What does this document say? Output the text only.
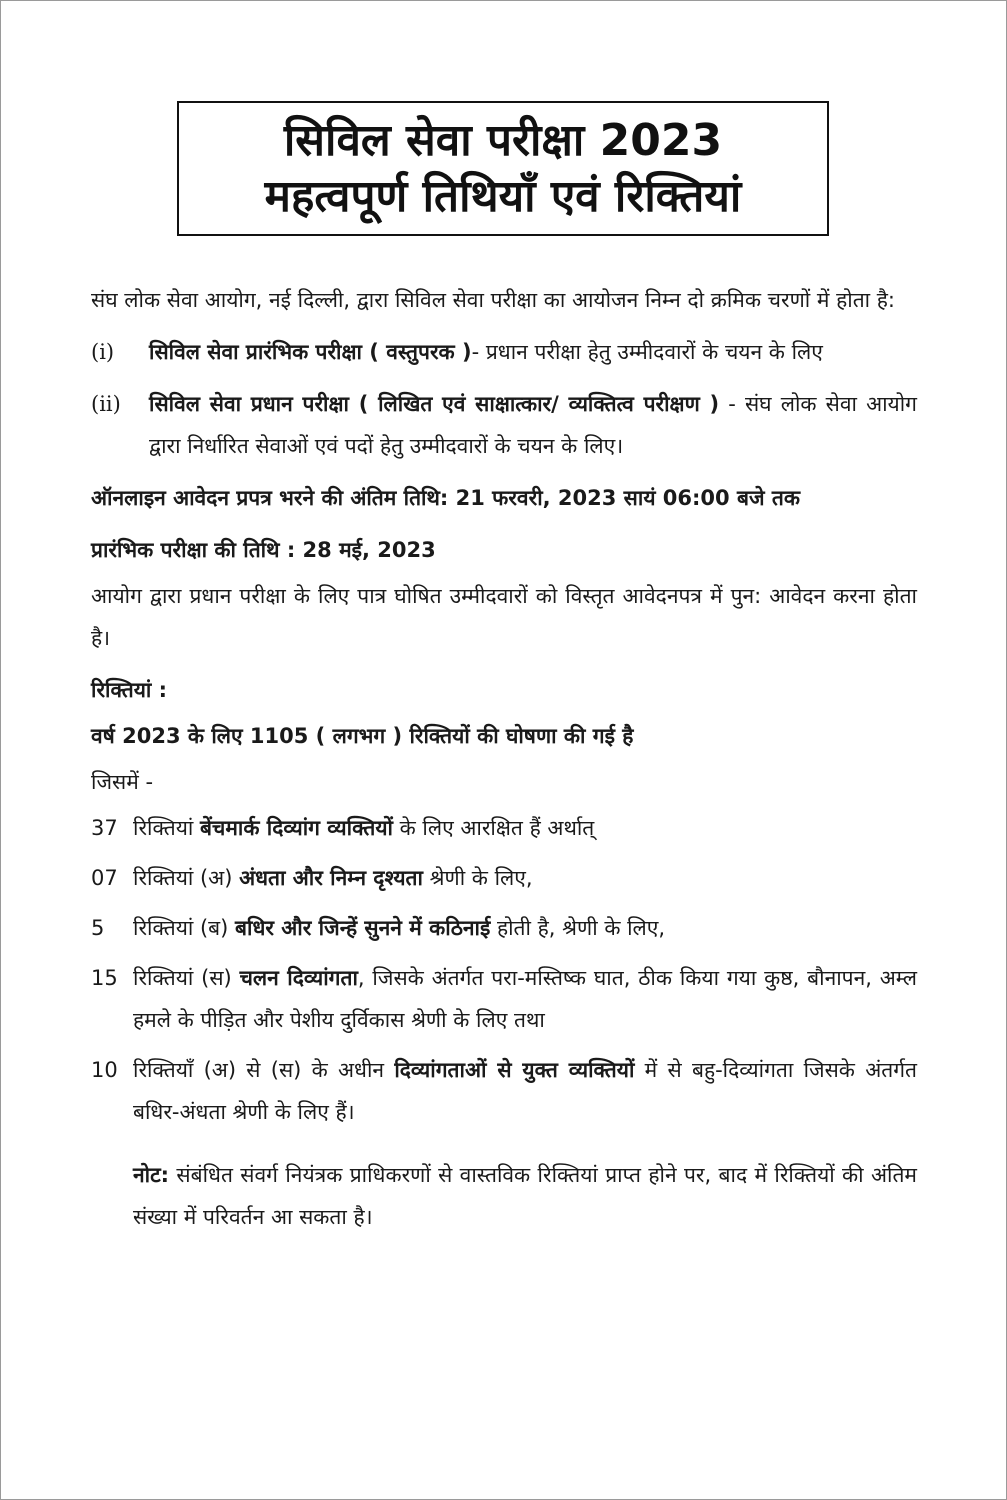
सिविल सेवा परीक्षा 2023
महत्वपूर्ण तिथियाँ एवं रिक्तियां

संघ लोक सेवा आयोग, नई दिल्ली, द्वारा सिविल सेवा परीक्षा का आयोजन निम्न दो क्रमिक चरणों में होता है:

(i)	सिविल सेवा प्रारंभिक परीक्षा ( वस्तुपरक )- प्रधान परीक्षा हेतु उम्मीदवारों के चयन के लिए
(ii)	सिविल सेवा प्रधान परीक्षा ( लिखित एवं साक्षात्कार/ व्यक्तित्व परीक्षण ) - संघ लोक सेवा आयोग द्वारा निर्धारित सेवाओं एवं पदों हेतु उम्मीदवारों के चयन के लिए।

ऑनलाइन आवेदन प्रपत्र भरने की अंतिम तिथि: 21 फरवरी, 2023 सायं 06:00 बजे तक

प्रारंभिक परीक्षा की तिथि : 28 मई, 2023

आयोग द्वारा प्रधान परीक्षा के लिए पात्र घोषित उम्मीदवारों को विस्तृत आवेदनपत्र में पुन: आवेदन करना होता है।

रिक्तियां :

वर्ष 2023 के लिए 1105 ( लगभग ) रिक्तियों की घोषणा की गई है

जिसमें -

37 रिक्तियां बेंचमार्क दिव्यांग व्यक्तियों के लिए आरक्षित हैं अर्थात्
07 रिक्तियां (अ) अंधता और निम्न दृश्यता श्रेणी के लिए,
5	रिक्तियां (ब) बधिर और जिन्हें सुनने में कठिनाई होती है, श्रेणी के लिए,
15 रिक्तियां (स) चलन दिव्यांगता, जिसके अंतर्गत परा-मस्तिष्क घात, ठीक किया गया कुष्ठ, बौनापन, अम्ल हमले के पीड़ित और पेशीय दुर्विकास श्रेणी के लिए तथा
10 रिक्तियाँ (अ) से (स) के अधीन दिव्यांगताओं से युक्त व्यक्तियों में से बहु-दिव्यांगता जिसके अंतर्गत बधिर-अंधता श्रेणी के लिए हैं।

नोट: संबंधित संवर्ग नियंत्रक प्राधिकरणों से वास्तविक रिक्तियां प्राप्त होने पर, बाद में रिक्तियों की अंतिम संख्या में परिवर्तन आ सकता है।
